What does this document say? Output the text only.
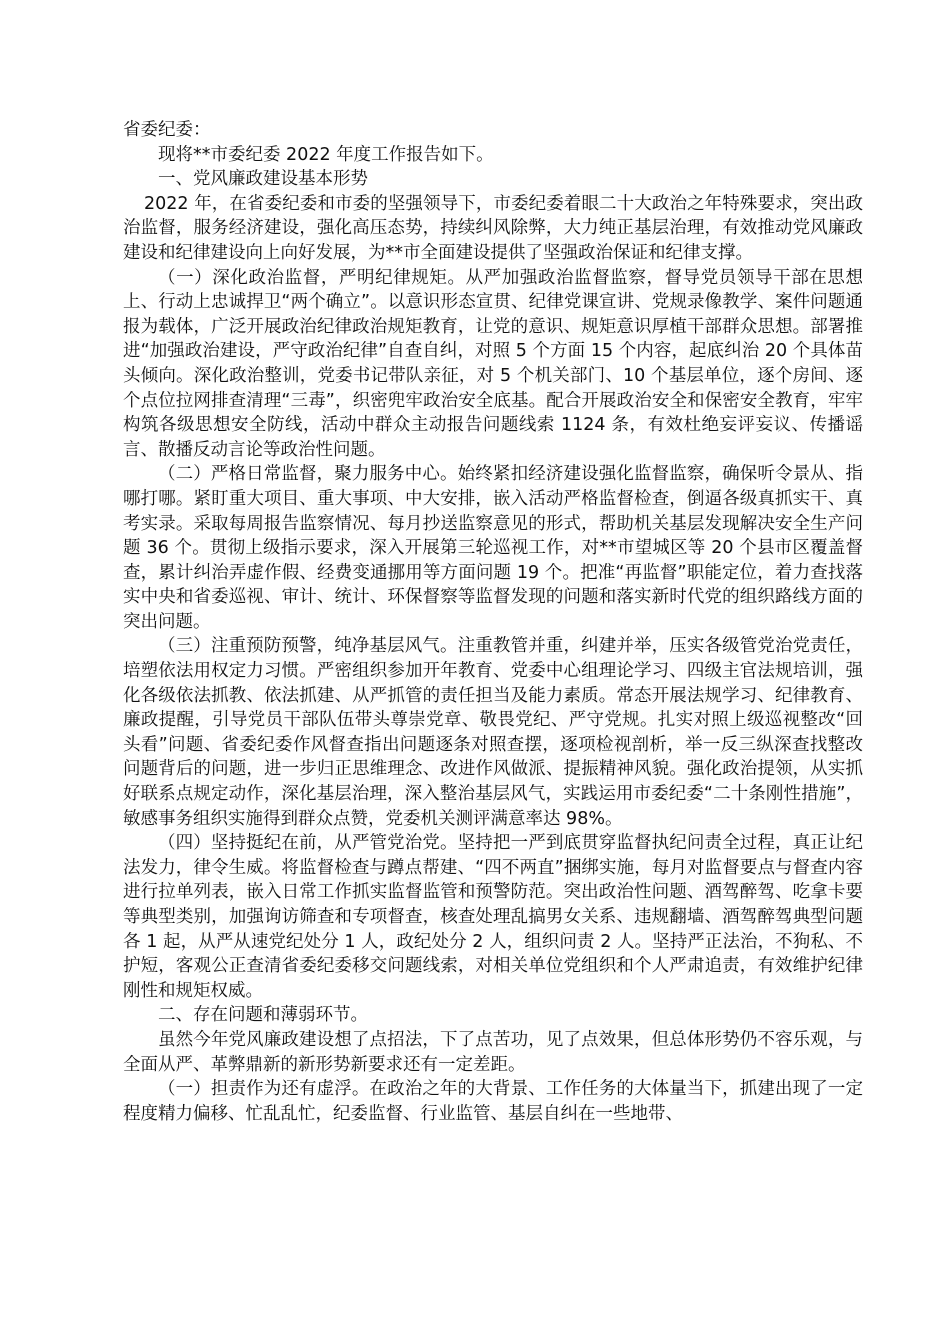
省委纪委：

现将**市委纪委 2022 年度工作报告如下。

一、党风廉政建设基本形势

2022 年，在省委纪委和市委的坚强领导下，市委纪委着眼二十大政治之年特殊要求，突出政治监督，服务经济建设，强化高压态势，持续纠风除弊，大力纯正基层治理，有效推动党风廉政建设和纪律建设向上向好发展，为**市全面建设提供了坚强政治保证和纪律支撑。

（一）深化政治监督，严明纪律规矩。从严加强政治监督监察，督导党员领导干部在思想上、行动上忠诚捍卫“两个确立”。以意识形态宣贯、纪律党课宣讲、党规录像教学、案件问题通报为载体，广泛开展政治纪律政治规矩教育，让党的意识、规矩意识厚植干部群众思想。部署推进“加强政治建设，严守政治纪律”自查自纠，对照 5 个方面 15 个内容，起底纠治 20 个具体苗头倾向。深化政治整训，党委书记带队亲征，对 5 个机关部门、10 个基层单位，逐个房间、逐个点位拉网排查清理“三毒”，织密兜牢政治安全底基。配合开展政治安全和保密安全教育，牢牢构筑各级思想安全防线，活动中群众主动报告问题线索 1124 条，有效杜绝妄评妄议、传播谣言、散播反动言论等政治性问题。

（二）严格日常监督，聚力服务中心。始终紧扣经济建设强化监督监察，确保听令景从、指哪打哪。紧盯重大项目、重大事项、中大安排，嵌入活动严格监督检查，倒逼各级真抓实干、真考实录。采取每周报告监察情况、每月抄送监察意见的形式，帮助机关基层发现解决安全生产问题 36 个。贯彻上级指示要求，深入开展第三轮巡视工作，对**市望城区等 20 个县市区覆盖督查，累计纠治弄虚作假、经费变通挪用等方面问题 19 个。把准“再监督”职能定位，着力查找落实中央和省委巡视、审计、统计、环保督察等监督发现的问题和落实新时代党的组织路线方面的突出问题。

（三）注重预防预警，纯净基层风气。注重教管并重，纠建并举，压实各级管党治党责任，培塑依法用权定力习惯。严密组织参加开年教育、党委中心组理论学习、四级主官法规培训，强化各级依法抓教、依法抓建、从严抓管的责任担当及能力素质。常态开展法规学习、纪律教育、廉政提醒，引导党员干部队伍带头尊崇党章、敬畏党纪、严守党规。扎实对照上级巡视整改“回头看”问题、省委纪委作风督查指出问题逐条对照查摆，逐项检视剖析，举一反三纵深查找整改问题背后的问题，进一步归正思维理念、改进作风做派、提振精神风貌。强化政治提领，从实抓好联系点规定动作，深化基层治理，深入整治基层风气，实践运用市委纪委“二十条刚性措施”，敏感事务组织实施得到群众点赞，党委机关测评满意率达 98%。

（四）坚持挺纪在前，从严管党治党。坚持把一严到底贯穿监督执纪问责全过程，真正让纪法发力，律令生威。将监督检查与蹲点帮建、“四不两直”捆绑实施，每月对监督要点与督查内容进行拉单列表，嵌入日常工作抓实监督监管和预警防范。突出政治性问题、酒驾醉驾、吃拿卡要等典型类别，加强询访筛查和专项督查，核查处理乱搞男女关系、违规翻墙、酒驾醉驾典型问题各 1 起，从严从速党纪处分 1 人，政纪处分 2 人，组织问责 2 人。坚持严正法治，不狗私、不护短，客观公正查清省委纪委移交问题线索，对相关单位党组织和个人严肃追责，有效维护纪律刚性和规矩权威。

二、存在问题和薄弱环节。

虽然今年党风廉政建设想了点招法，下了点苦功，见了点效果，但总体形势仍不容乐观，与全面从严、革弊鼎新的新形势新要求还有一定差距。

（一）担责作为还有虚浮。在政治之年的大背景、工作任务的大体量当下，抓建出现了一定程度精力偏移、忙乱乱忙，纪委监督、行业监管、基层自纠在一些地带、
